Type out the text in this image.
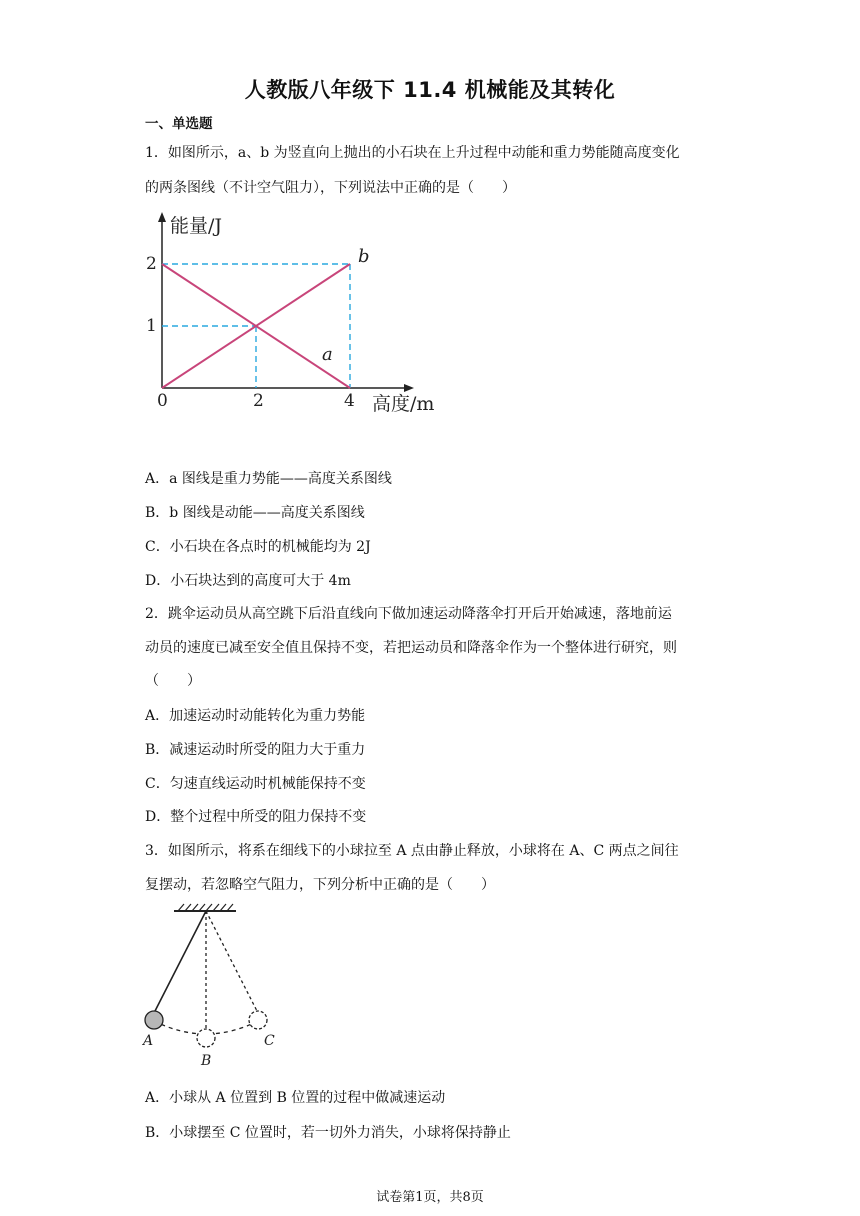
人教版八年级下 11.4 机械能及其转化
一、单选题
1．如图所示，a、b 为竖直向上抛出的小石块在上升过程中动能和重力势能随高度变化
的两条图线（不计空气阻力），下列说法中正确的是（　　）
能量/J
高度/m
0	2	4
1
2
a
b
A．a 图线是重力势能——高度关系图线
B．b 图线是动能——高度关系图线
C．小石块在各点时的机械能均为 2J
D．小石块达到的高度可大于 4m
2．跳伞运动员从高空跳下后沿直线向下做加速运动降落伞打开后开始减速，落地前运
动员的速度已减至安全值且保持不变，若把运动员和降落伞作为一个整体进行研究，则
（　　）
A．加速运动时动能转化为重力势能
B．减速运动时所受的阻力大于重力
C．匀速直线运动时机械能保持不变
D．整个过程中所受的阻力保持不变
3．如图所示，将系在细线下的小球拉至 A 点由静止释放，小球将在 A、C 两点之间往
复摆动，若忽略空气阻力，下列分析中正确的是（　　）
A
B
C
A．小球从 A 位置到 B 位置的过程中做减速运动
B．小球摆至 C 位置时，若一切外力消失，小球将保持静止
试卷第1页，共8页
